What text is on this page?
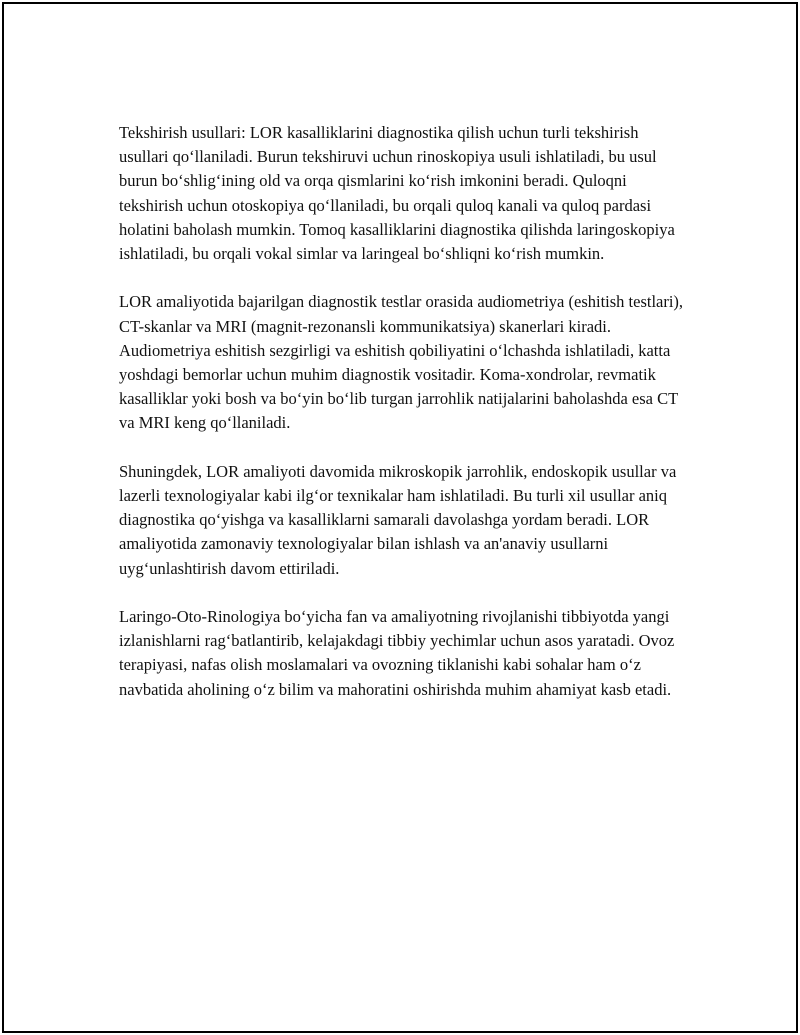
Tekshirish usullari: LOR kasalliklarini diagnostika qilish uchun turli tekshirish usullari qo‘llaniladi. Burun tekshiruvi uchun rinoskopiya usuli ishlatiladi, bu usul burun bo‘shlig‘ining old va orqa qismlarini ko‘rish imkonini beradi. Quloqni tekshirish uchun otoskopiya qo‘llaniladi, bu orqali quloq kanali va quloq pardasi holatini baholash mumkin. Tomoq kasalliklarini diagnostika qilishda laringoskopiya ishlatiladi, bu orqali vokal simlar va laringeal bo‘shliqni ko‘rish mumkin.

LOR amaliyotida bajarilgan diagnostik testlar orasida audiometriya (eshitish testlari), CT-skanlar va MRI (magnit-rezonansli kommunikatsiya) skanerlari kiradi. Audiometriya eshitish sezgirligi va eshitish qobiliyatini o‘lchashda ishlatiladi, katta yoshdagi bemorlar uchun muhim diagnostik vositadir. Koma-xondrolar, revmatik kasalliklar yoki bosh va bo‘yin bo‘lib turgan jarrohlik natijalarini baholashda esa CT va MRI keng qo‘llaniladi.

Shuningdek, LOR amaliyoti davomida mikroskopik jarrohlik, endoskopik usullar va lazerli texnologiyalar kabi ilg‘or texnikalar ham ishlatiladi. Bu turli xil usullar aniq diagnostika qo‘yishga va kasalliklarni samarali davolashga yordam beradi. LOR amaliyotida zamonaviy texnologiyalar bilan ishlash va an'anaviy usullarni uyg‘unlashtirish davom ettiriladi.

Laringo-Oto-Rinologiya bo‘yicha fan va amaliyotning rivojlanishi tibbiyotda yangi izlanishlarni rag‘batlantirib, kelajakdagi tibbiy yechimlar uchun asos yaratadi. Ovoz terapiyasi, nafas olish moslamalari va ovozning tiklanishi kabi sohalar ham o‘z navbatida aholining o‘z bilim va mahoratini oshirishda muhim ahamiyat kasb etadi.
